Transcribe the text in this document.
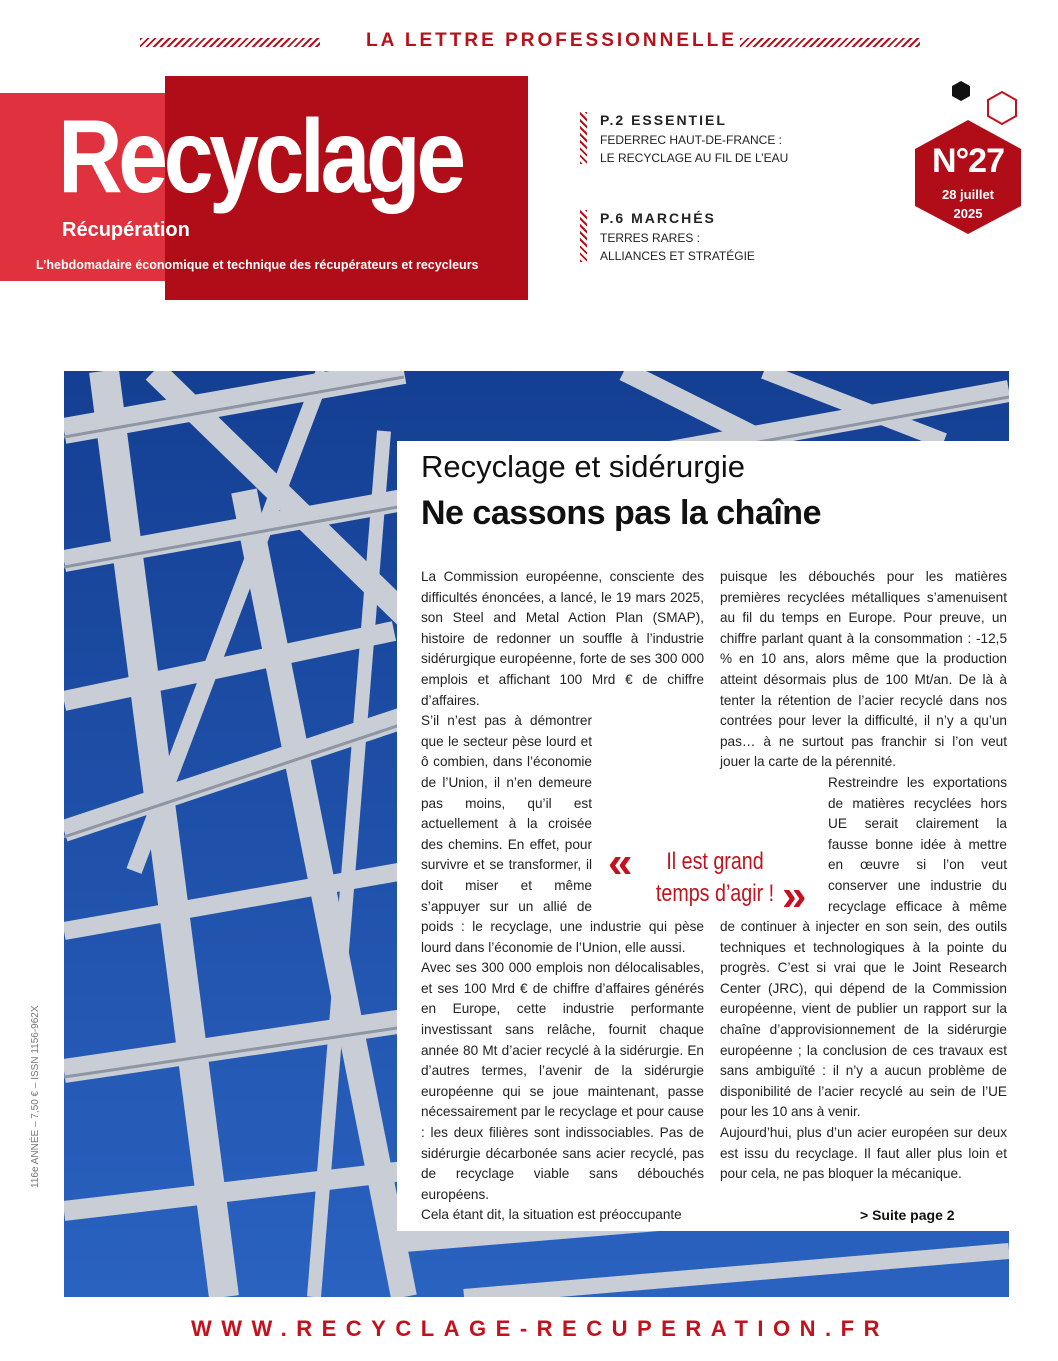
LA LETTRE PROFESSIONNELLE
Recyclage
Récupération
L’hebdomadaire économique et technique des récupérateurs et recycleurs
P.2 ESSENTIEL
FEDERREC HAUT-DE-FRANCE :
LE RECYCLAGE AU FIL DE L’EAU
P.6 MARCHÉS
TERRES RARES :
ALLIANCES ET STRATÉGIE
N°27
28 juillet
2025
Recyclage et sidérurgie
Ne cassons pas la chaîne

La Commission européenne, consciente des difficultés énoncées, a lancé, le 19 mars 2025, son Steel and Metal Action Plan (SMAP), histoire de redonner un souffle à l’industrie sidérurgique européenne, forte de ses 300 000 emplois et affichant 100 Mrd € de chiffre d’affaires.

S’il n’est pas à démontrer que le secteur pèse lourd et ô combien, dans l’économie de l’Union, il n’en demeure pas moins, qu’il est actuellement à la croisée des chemins. En effet, pour survivre et se transformer, il doit miser et même s’appuyer sur un allié de poids : le recyclage, une industrie qui pèse lourd dans l’économie de l’Union, elle aussi.

Avec ses 300 000 emplois non délocalisables, et ses 100 Mrd € de chiffre d’affaires générés en Europe, cette industrie performante investissant sans relâche, fournit chaque année 80 Mt d’acier recyclé à la sidérurgie. En d’autres termes, l’avenir de la sidérurgie européenne qui se joue maintenant, passe nécessairement par le recyclage et pour cause : les deux filières sont indissociables. Pas de sidérurgie décarbonée sans acier recyclé, pas de recyclage viable sans débouchés européens.

Cela étant dit, la situation est préoccupante

puisque les débouchés pour les matières premières recyclées métalliques s’amenuisent au fil du temps en Europe. Pour preuve, un chiffre parlant quant à la consommation : -12,5 % en 10 ans, alors même que la production atteint désormais plus de 100 Mt/an. De là à tenter la rétention de l’acier recyclé dans nos contrées pour lever la difficulté, il n’y a qu’un pas… à ne surtout pas franchir si l’on veut jouer la carte de la pérennité.

Restreindre les exportations de matières recyclées hors UE serait clairement la fausse bonne idée à mettre en œuvre si l’on veut conserver une industrie du recyclage efficace à même de continuer à injecter en son sein, des outils techniques et technologiques à la pointe du progrès. C’est si vrai que le Joint Research Center (JRC), qui dépend de la Commission européenne, vient de publier un rapport sur la chaîne d’approvisionnement de la sidérurgie européenne ; la conclusion de ces travaux est sans ambiguïté : il n’y a aucun problème de disponibilité de l’acier recyclé au sein de l’UE pour les 10 ans à venir.

Aujourd’hui, plus d’un acier européen sur deux est issu du recyclage. Il faut aller plus loin et pour cela, ne pas bloquer la mécanique.

«	Il est grand
temps d’agir ! »
> Suite page 2
116e ANNÉE – 7,50 € – ISSN 1156-962X
WWW.RECYCLAGE-RECUPERATION.FR
